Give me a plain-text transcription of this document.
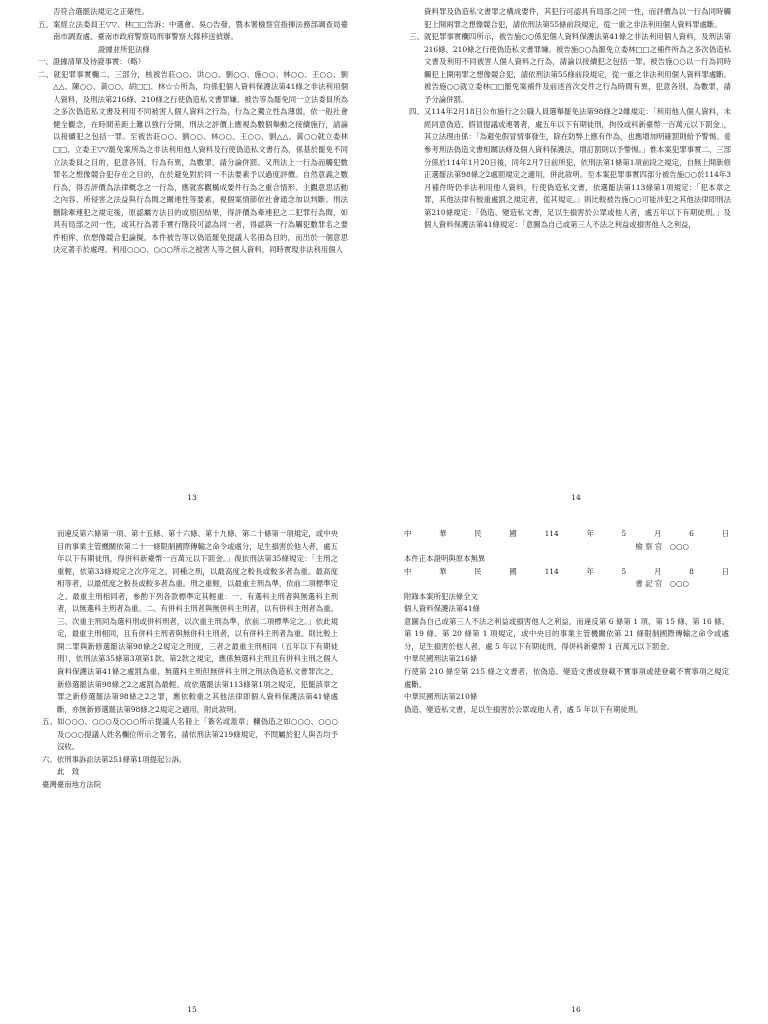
否符合選罷法規定之正確性。

五、案經立法委員王▽▽、林□□告訴；中選會、吳○告發，暨本署檢察官指揮法務部調查局臺南市調查處、臺南市政府警察局刑事警察大隊移送偵辦。

證據並所犯法條

一、證據清單及待證事實：（略）

二、就犯罪事實欄二、三部分，核被告莊○○、洪○○、劉○○、施○○、林○○、王○○、劉△△、陳○○、黃○○、胡□□、林☆☆所為，均係犯個人資料保護法第41條之非法利用個人資料，及刑法第216條、210條之行使偽造私文書罪嫌。被告等為罷免同一立法委員所為之多次偽造私文書及利用不同被害人個人資料之行為，行為之獨立性為薄弱，依一般社會健全觀念，在時間差距上難以強行分開，刑法之評價上應視為數個舉動之接續施行，請論以接續犯之包括一罪。至被告莊○○、劉○○、林○○、王○○、劉△△、黃○○就立委林□□、立委王▽▽罷免案所為之非法利用他人資料及行使偽造私文書行為，係基於罷免不同立法委員之目的，犯意各別，行為有異，為數罪，請分論併罰。又刑法上一行為而觸犯數罪名之想像競合犯存在之目的，在於避免對於同一不法要素予以過度評價。自然意義之數行為，得否評價為法律概念之一行為，應就客觀構成要件行為之重合情形、主觀意思活動之內容、所侵害之法益與行為間之關連性等要素，視個案情節依社會通念加以判斷。刑法刪除牽連犯之規定後，原認屬方法目的或原因結果，得評價為牽連犯之二犯罪行為間，如具有局部之同一性，或其行為著手實行階段可認為同一者，得認與一行為觸犯數罪名之要件相侔，依想像競合犯論擬。本件被告等以偽造罷免提議人名冊為目的，而出於一個意思決定著手於處理、利用○○○、○○○所示之被害人等之個人資料，同時實現非法利用個人

13

資料罪及偽造私文書罪之構成要件，其犯行可認具有局部之同一性，而評價為以一行為同時觸犯上開兩罪之想像競合犯，請依刑法第55條前段規定，從一重之非法利用個人資料罪處斷。

三、就犯罪事實欄四所示，被告施○○係犯個人資料保護法第41條之非法利用個人資料，及刑法第216條、210條之行使偽造私文書罪嫌。被告施○○為罷免立委林□□之補件所為之多次偽造私文書及利用不同被害人個人資料之行為，請論以接續犯之包括一罪。被告施○○以一行為同時觸犯上開兩罪之想像競合犯，請依刑法第55條前段規定，從一重之非法利用個人資料罪處斷。被告施○○就立委林□□罷免案補件及前述首次交件之行為時間有異，犯意各別，為數罪，請予分論併罰。

四、又114年2月18日公布施行之公職人員選舉罷免法第98條之2雖規定：「利用他人個人資料，未經同意偽造、假冒提議或連署者，處五年以下有期徒刑，拘役或科新臺幣一百萬元以下罰金」，其立法理由係：「為避免假冒情事發生，除在防弊上應有作為，也應增加明確罰則給予警惕。爰參考刑法偽造文書相關法條及個人資料保護法，增訂罰則以予警惕。」惟本案犯罪事實二、三部分係於114年1月20日後，同年2月7日前所犯，依刑法第1條第1項前段之規定，自無上開新修正選罷法第98條之2處罰規定之適用，併此敘明。至本案犯罪事實四部分被告施○○於114年3月補件時仍非法利用他人資料，行使偽造私文書，依選罷法第113條第1項規定：「犯本章之罪，其他法律有較重處罰之規定者，從其規定。」則比較被告施○○可能涉犯之其他法律即刑法第210條規定：「偽造、變造私文書，足以生損害於公眾或他人者，處五年以下有期徒刑。」及個人資料保護法第41條規定：「意圖為自己或第三人不法之利益或損害他人之利益，

14

而違反第六條第一項、第十五條、第十六條、第十九條、第二十條第一項規定，或中央目的事業主管機關依第二十一條限制國際傳輸之命令或處分，足生損害於他人者，處五年以下有期徒刑，得併科新臺幣一百萬元以下罰金。」復依刑法第35條規定：「主刑之重輕，依第33條規定之次序定之。同種之刑，以最高度之較長或較多者為重。最高度相等者，以最低度之較長或較多者為重。刑之重輕，以最重主刑為準，依前二項標準定之。最重主刑相同者，參酌下列各款標準定其輕重：一、有選科主刑者與無選科主刑者，以無選科主刑者為重。二、有併科主刑者與無併科主刑者，以有併科主刑者為重。三、次重主刑同為選科刑或併科刑者，以次重主刑為準，依前二項標準定之。」依此規定，最重主刑相同，且有併科主刑者與無併科主刑者，以有併科主刑者為重。則比較上開二罪與新修選罷法第98條之2規定之刑度，三者之最重主刑相同（五年以下有期徒刑），依刑法第35條第3項第1款、第2款之規定，應係無選科主刑且有併科主刑之個人資料保護法第41條之處罰為重，無選科主刑但無併科主刑之刑法偽造私文書罪次之，新修選罷法第98條之2之處罰為最輕。故依選罷法第113條第1項之規定，犯罷該章之罪之新修選罷法第98條之2之罪，應依較重之其他法律即個人資料保護法第41條處斷，亦無新修選罷法第98條之2規定之適用，附此敘明。

五、如○○○、○○○及○○○所示提議人名冊上「簽名或蓋章」欄偽造之如○○○、○○○及○○○提議人姓名欄位所示之署名，請依刑法第219條規定，不問屬於犯人與否均予沒收。

六、依刑事訴訟法第251條第1項提起公訴。

此　致

臺灣臺南地方法院

15
中	華	民	國	114	年	5	月	6	日

檢 察 官　○○○

本件正本證明與原本無異

中	華	民	國	114	年	5	月	8	日

書 記 官　○○○

附錄本案所犯法條全文

個人資料保護法第41條

意圖為自己或第三人不法之利益或損害他人之利益，而違反第 6 條第 1 項、第 15 條、第 16 條、第 19 條、第 20 條第 1 項規定，或中央目的事業主管機關依第 21 條限制國際傳輸之命令或處分，足生損害於他人者，處 5 年以下有期徒刑，得併科新臺幣 1 百萬元以下罰金。

中華民國刑法第216條

行使第 210 條至第 215 條之文書者，依偽造、變造文書或登載不實事項或使登載不實事項之規定處斷。

中華民國刑法第210條

偽造、變造私文書，足以生損害於公眾或他人者，處 5 年以下有期徒刑。

16
